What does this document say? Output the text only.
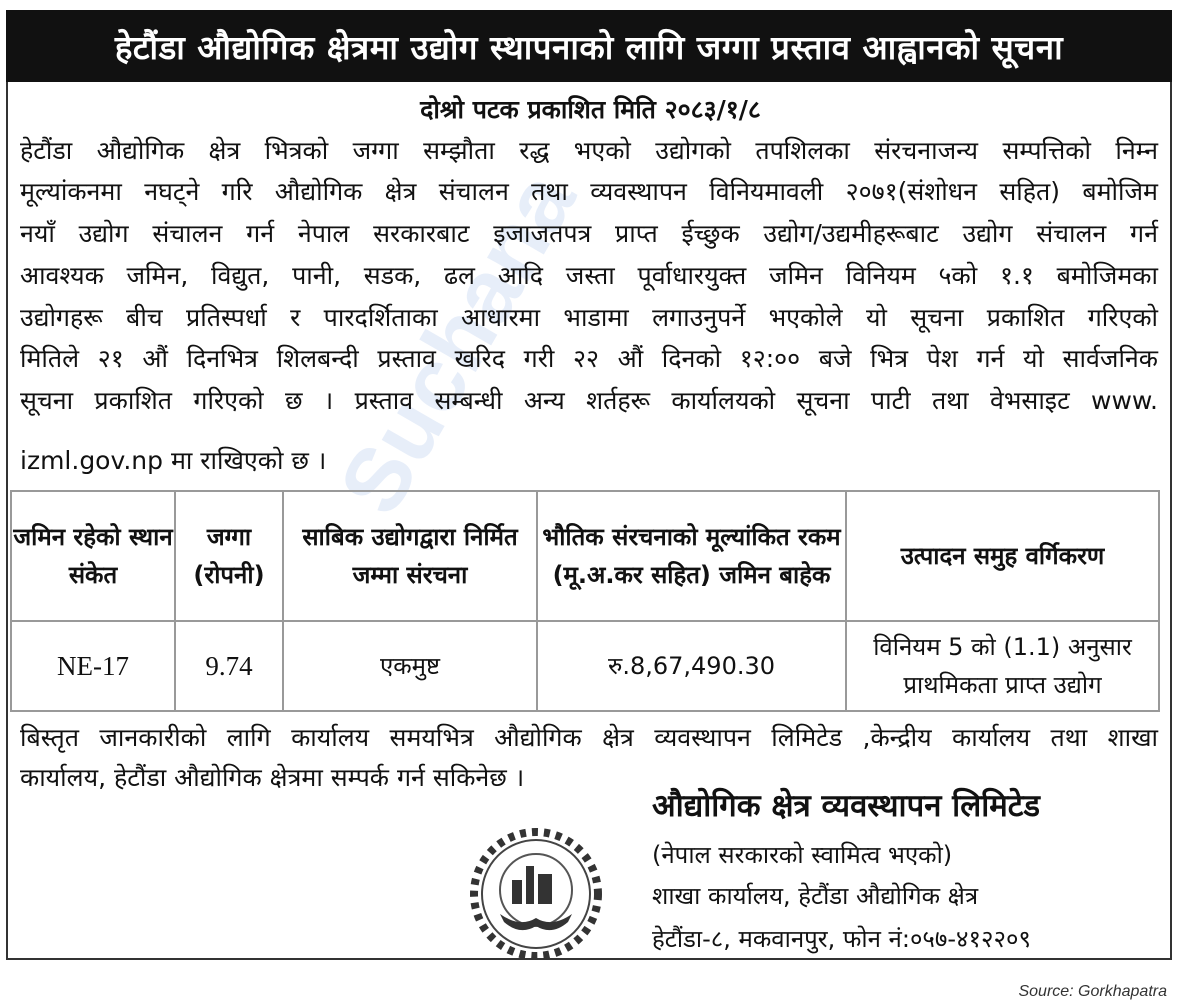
Suchana
हेटौंडा औद्योगिक क्षेत्रमा उद्योग स्थापनाको लागि जग्गा प्रस्ताव आह्वानको सूचना
दोश्रो पटक प्रकाशित मिति २०८३/१/८
हेटौंडा औद्योगिक क्षेत्र भित्रको जग्गा सम्झौता रद्ध भएको उद्योगको तपशिलका संरचनाजन्य सम्पत्तिको निम्न
मूल्यांकनमा नघट्ने गरि औद्योगिक क्षेत्र संचालन तथा व्यवस्थापन विनियमावली २०७१(संशोधन सहित) बमोजिम
नयाँ उद्योग संचालन गर्न नेपाल सरकारबाट इजाजतपत्र प्राप्त ईच्छुक उद्योग/उद्यमीहरूबाट उद्योग संचालन गर्न
आवश्यक जमिन, विद्युत, पानी, सडक, ढल आदि जस्ता पूर्वाधारयुक्त जमिन विनियम ५को १.१ बमोजिमका
उद्योगहरू बीच प्रतिस्पर्धा र पारदर्शिताका आधारमा भाडामा लगाउनुपर्ने भएकोले यो सूचना प्रकाशित गरिएको
मितिले २१ औं दिनभित्र शिलबन्दी प्रस्ताव खरिद गरी २२ औं दिनको १२:०० बजे भित्र पेश गर्न यो सार्वजनिक
सूचना प्रकाशित गरिएको छ । प्रस्ताव सम्बन्धी अन्य शर्तहरू कार्यालयको सूचना पाटी तथा वेभसाइट www.
izml.gov.np मा राखिएको छ ।
जमिन रहेको स्थान संकेत	जग्गा (रोपनी)	साबिक उद्योगद्वारा निर्मित जम्मा संरचना	भौतिक संरचनाको मूल्यांकित रकम (मू.अ.कर सहित) जमिन बाहेक	उत्पादन समुह वर्गिकरण
NE-17	9.74	एकमुष्ट	रु.8,67,490.30	विनियम 5 को (1.1) अनुसार प्राथमिकता प्राप्त उद्योग
बिस्तृत जानकारीको लागि कार्यालय समयभित्र औद्योगिक क्षेत्र व्यवस्थापन लिमिटेड ,केन्द्रीय कार्यालय तथा शाखा
कार्यालय, हेटौंडा औद्योगिक क्षेत्रमा सम्पर्क गर्न सकिनेछ ।
औद्योगिक क्षेत्र व्यवस्थापन लिमिटेड
(नेपाल सरकारको स्वामित्व भएको)
शाखा कार्यालय, हेटौंडा औद्योगिक क्षेत्र
हेटौंडा-८, मकवानपुर, फोन नं:०५७-४१२२०९
Source: Gorkhapatra
